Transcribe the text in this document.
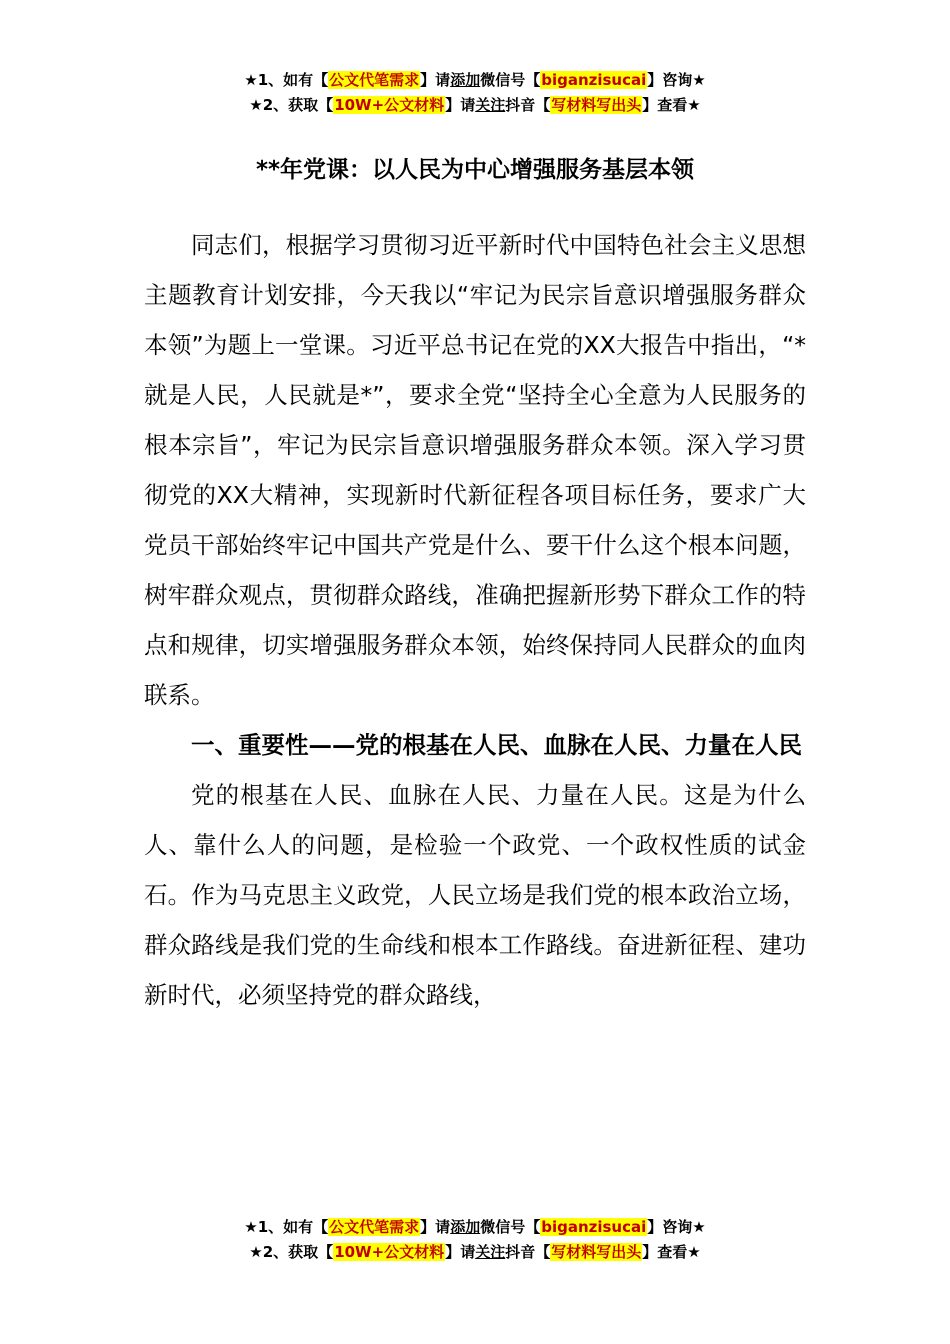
★1、如有【公文代笔需求】请添加微信号【biganzisucai】咨询★
★2、获取【10W+公文材料】请关注抖音【写材料写出头】查看★
**年党课：以人民为中心增强服务基层本领

同志们，根据学习贯彻习近平新时代中国特色社会主义思想主题教育计划安排，今天我以“牢记为民宗旨意识增强服务群众本领”为题上一堂课。习近平总书记在党的XX大报告中指出，“*就是人民，人民就是*”，要求全党“坚持全心全意为人民服务的根本宗旨”，牢记为民宗旨意识增强服务群众本领。深入学习贯彻党的XX大精神，实现新时代新征程各项目标任务，要求广大党员干部始终牢记中国共产党是什么、要干什么这个根本问题，树牢群众观点，贯彻群众路线，准确把握新形势下群众工作的特点和规律，切实增强服务群众本领，始终保持同人民群众的血肉联系。

一、重要性——党的根基在人民、血脉在人民、力量在人民

党的根基在人民、血脉在人民、力量在人民。这是为什么人、靠什么人的问题，是检验一个政党、一个政权性质的试金石。作为马克思主义政党，人民立场是我们党的根本政治立场，群众路线是我们党的生命线和根本工作路线。奋进新征程、建功新时代，必须坚持党的群众路线，

★1、如有【公文代笔需求】请添加微信号【biganzisucai】咨询★
★2、获取【10W+公文材料】请关注抖音【写材料写出头】查看★
